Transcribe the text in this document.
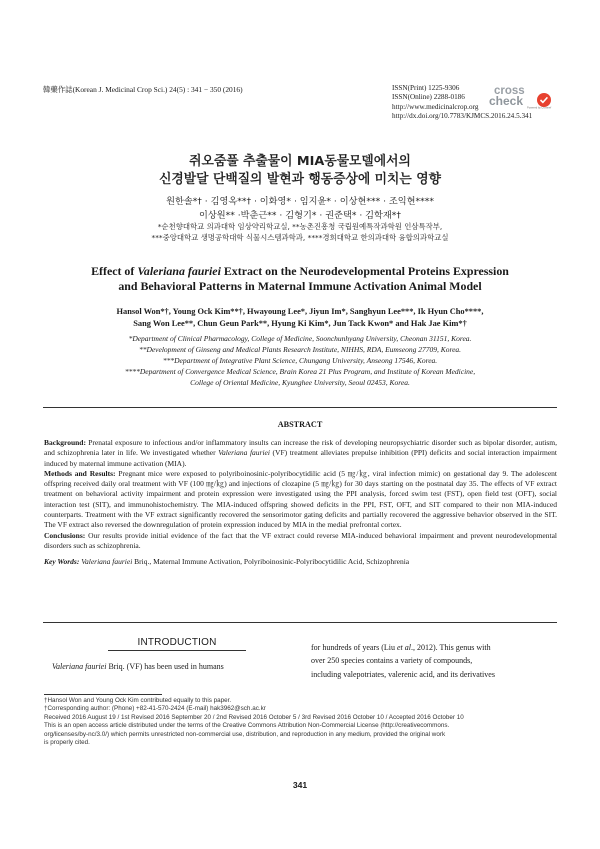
韓藥作誌(Korean J. Medicinal Crop Sci.) 24(5) : 341 − 350 (2016)	ISSN(Print) 1225-9306
ISSN(Online) 2288-0186
http://www.medicinalcrop.org
http://dx.doi.org/10.7783/KJMCS.2016.24.5.341
cross
check Powered by Crossref
쥐오줌풀 추출물이 MIA동물모델에서의
신경발달 단백질의 발현과 행동증상에 미치는 영향
원한솔*† · 김영옥**† · 이화영* · 임지윤* · 이상현*** · 조익현****
이상원** ·박춘근** · 김형기* · 권준택* · 김학재*†
*순천향대학교 의과대학 임상약리학교실, **농촌진흥청 국립원예특작과학원 인삼특작부,
***중앙대학교 생명공학대학 식물시스템과학과, ****경희대학교 한의과대학 융합의과학교실
Effect of Valeriana fauriei Extract on the Neurodevelopmental Proteins Expression
and Behavioral Patterns in Maternal Immune Activation Animal Model
Hansol Won*†, Young Ock Kim**†, Hwayoung Lee*, Jiyun Im*, Sanghyun Lee***, Ik Hyun Cho****,
Sang Won Lee**, Chun Geun Park**, Hyung Ki Kim*, Jun Tack Kwon* and Hak Jae Kim*†
*Department of Clinical Pharmacology, College of Medicine, Soonchunhyang University, Cheonan 31151, Korea.
**Development of Ginseng and Medical Plants Research Institute, NIHHS, RDA, Eumseong 27709, Korea.
***Department of Integrative Plant Science, Chungang University, Anseong 17546, Korea.
****Department of Convergence Medical Science, Brain Korea 21 Plus Program, and Institute of Korean Medicine,
College of Oriental Medicine, Kyunghee University, Seoul 02453, Korea.
ABSTRACT

Background: Prenatal exposure to infectious and/or inflammatory insults can increase the risk of developing neuropsychiatric disorder such as bipolar disorder, autism, and schizophrenia later in life. We investigated whether Valeriana fauriei (VF) treatment alleviates prepulse inhibition (PPI) deficits and social interaction impairment induced by maternal immune activation (MIA).

Methods and Results: Pregnant mice were exposed to polyriboinosinic-polyribocytidilic acid (5 ㎎/㎏, viral infection mimic) on gestational day 9. The adolescent offspring received daily oral treatment with VF (100 ㎎/㎏) and injections of clozapine (5 ㎎/㎏) for 30 days starting on the postnatal day 35. The effects of VF extract treatment on behavioral activity impairment and protein expression were investigated using the PPI analysis, forced swim test (FST), open field test (OFT), social interaction test (SIT), and immunohistochemistry. The MIA-induced offspring showed deficits in the PPI, FST, OFT, and SIT compared to their non MIA-induced counterparts. Treatment with the VF extract significantly recovered the sensorimotor gating deficits and partially recovered the aggressive behavior observed in the SIT. The VF extract also reversed the downregulation of protein expression induced by MIA in the medial prefrontal cortex.

Conclusions: Our results provide initial evidence of the fact that the VF extract could reverse MIA-induced behavioral impairment and prevent neurodevelopmental disorders such as schizophrenia.

Key Words: Valeriana fauriei Briq., Maternal Immune Activation, Polyriboinosinic-Polyribocytidilic Acid, Schizophrenia

INTRODUCTION
Valeriana fauriei Briq. (VF) has been used in humans
for hundreds of years (Liu et al., 2012). This genus with
over 250 species contains a variety of compounds,
including valepotriates, valerenic acid, and its derivatives
†Hansol Won and Young Ock Kim contributed equally to this paper.
†Corresponding author: (Phone) +82-41-570-2424 (E-mail) hak3962@sch.ac.kr
Received 2016 August 19 / 1st Revised 2016 September 20 / 2nd Revised 2016 October 5 / 3rd Revised 2016 October 10 / Accepted 2016 October 10
This is an open access article distributed under the terms of the Creative Commons Attribution Non-Commercial License (http://creativecommons.
org/licenses/by-nc/3.0/) which permits unrestricted non-commercial use, distribution, and reproduction in any medium, provided the original work
is properly cited.
341
